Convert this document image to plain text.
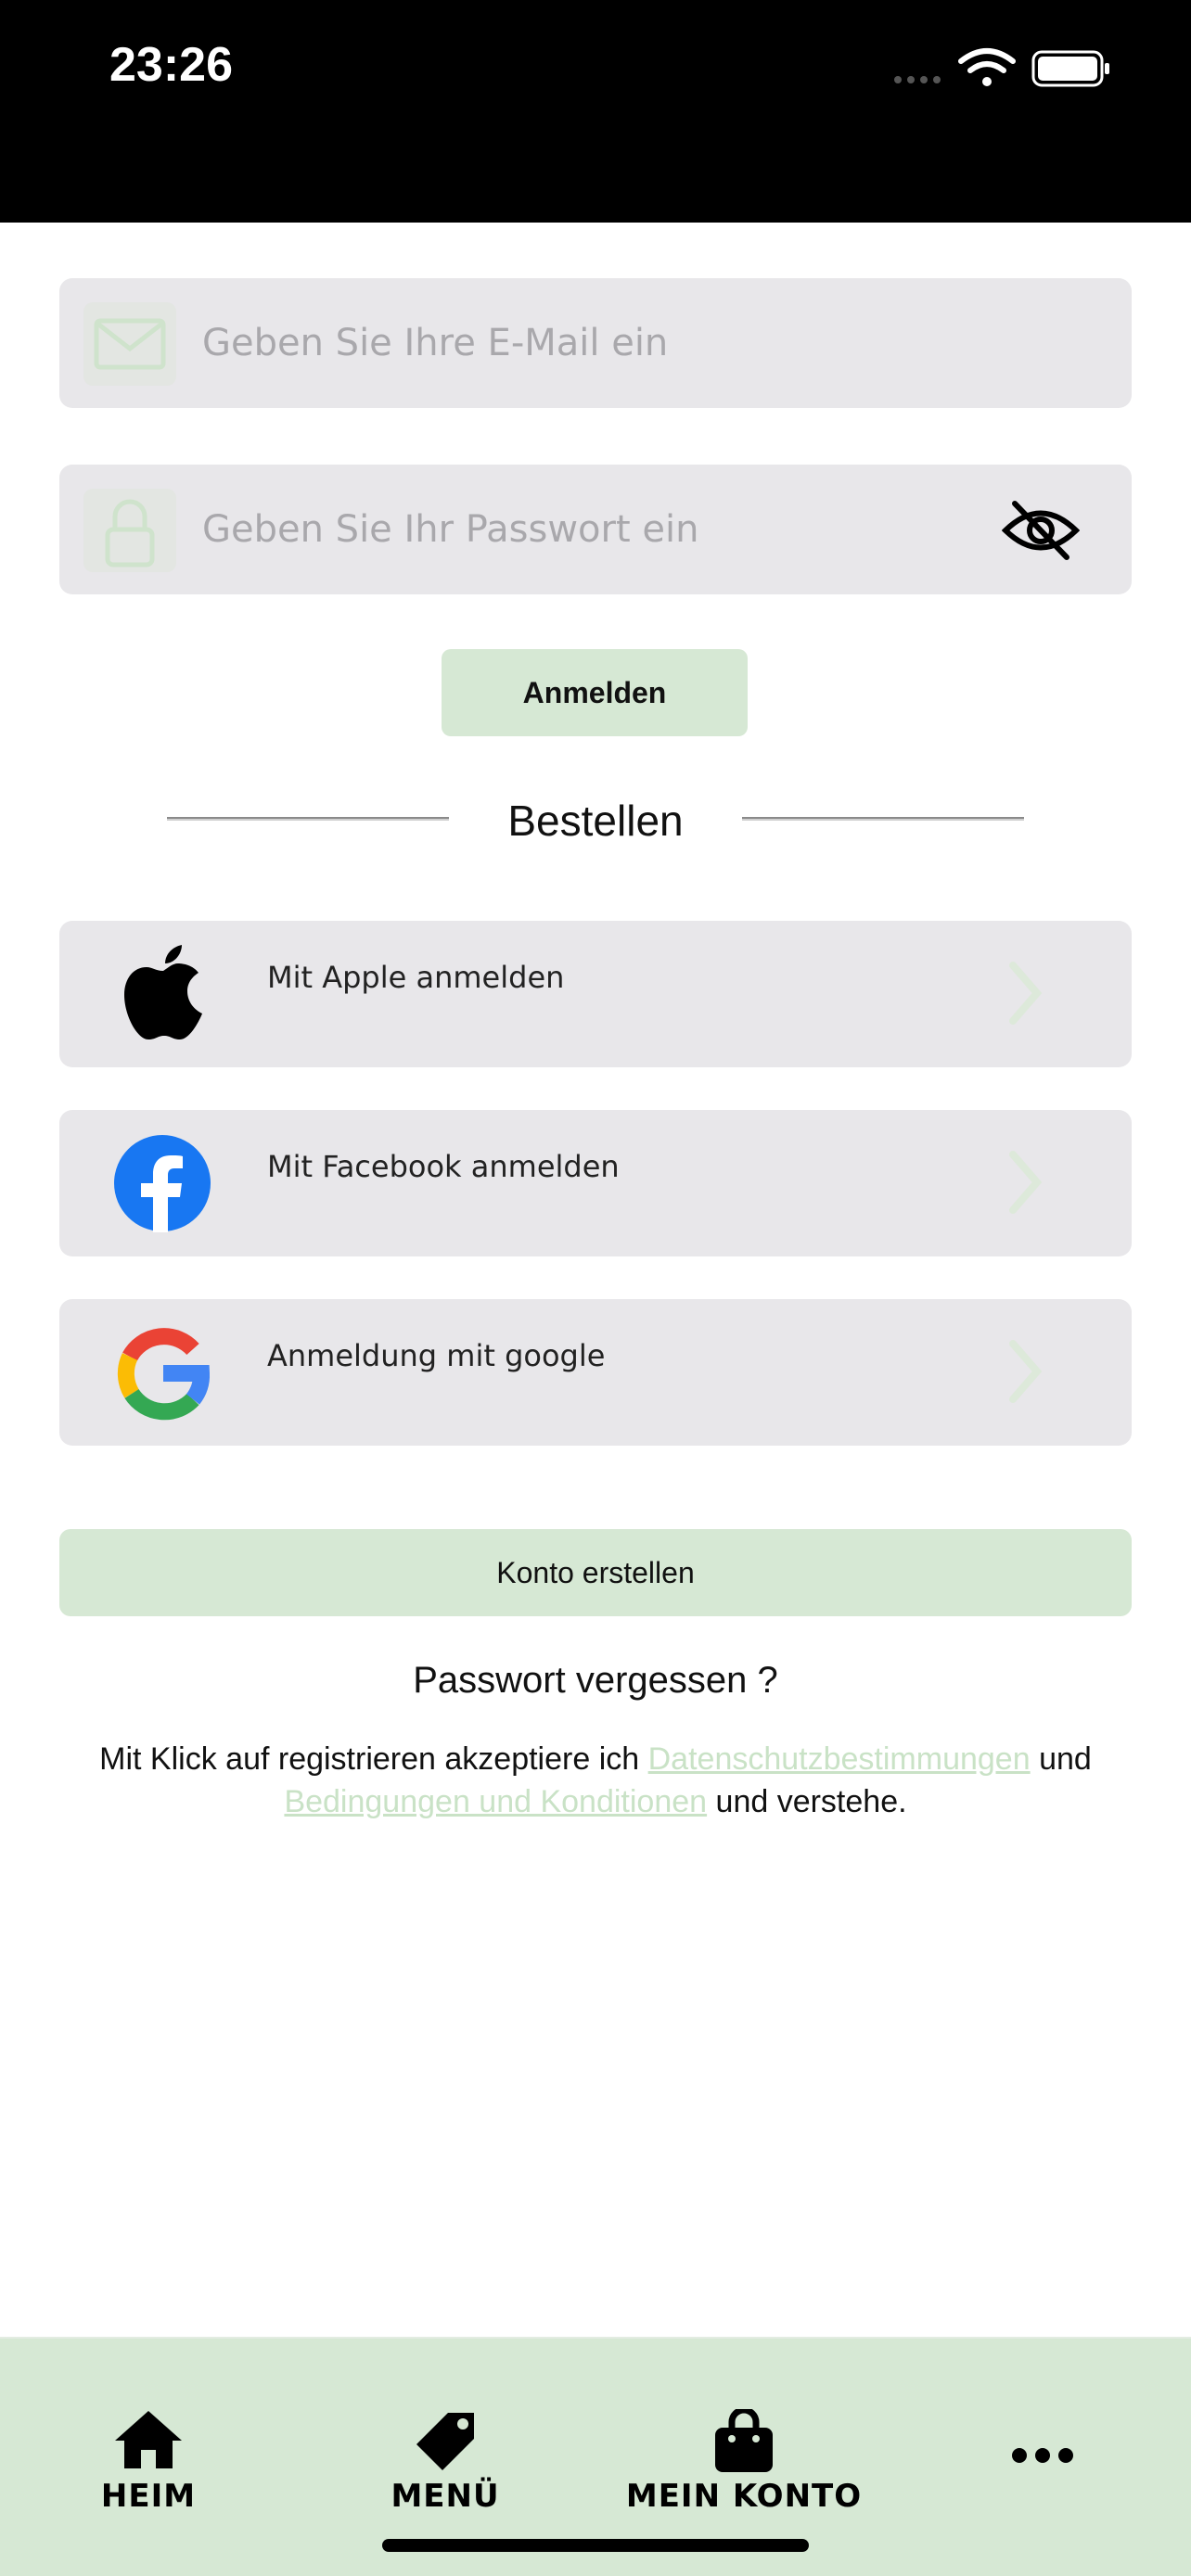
23:26
Geben Sie Ihre E-Mail ein
Anmelden
Bestellen
Mit Apple anmelden
Mit Facebook anmelden
Anmeldung mit google
Konto erstellen
Passwort vergessen ?
Mit Klick auf registrieren akzeptiere ich Datenschutzbestimmungen und
Bedingungen und Konditionen und verstehe.
HEIM	MENÜ	MEIN KONTO
